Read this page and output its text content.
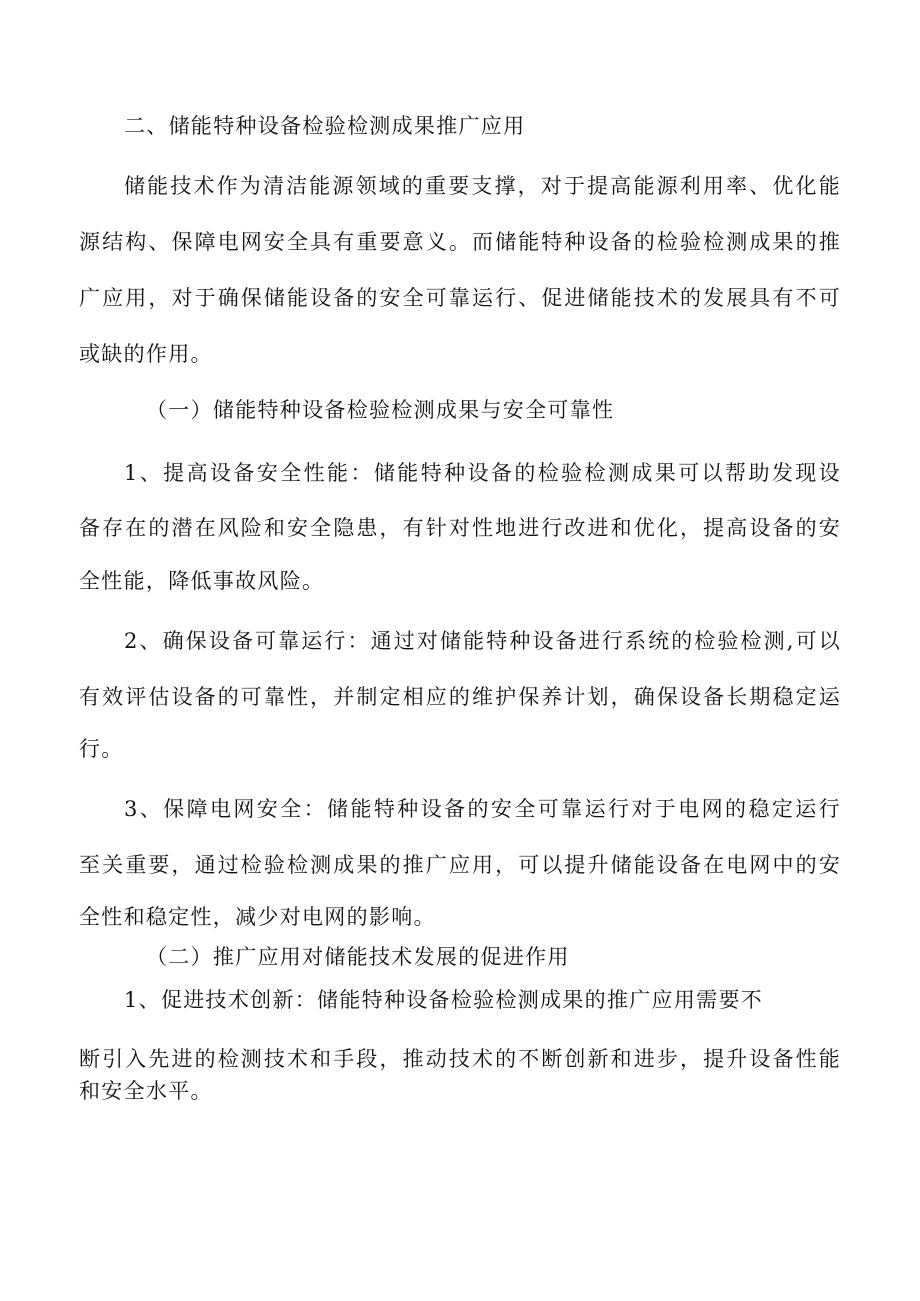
二、储能特种设备检验检测成果推广应用
储能技术作为清洁能源领域的重要支撑，对于提高能源利用率、优化能
源结构、保障电网安全具有重要意义。而储能特种设备的检验检测成果的推
广应用，对于确保储能设备的安全可靠运行、促进储能技术的发展具有不可
或缺的作用。
（一）储能特种设备检验检测成果与安全可靠性
1、提高设备安全性能：储能特种设备的检验检测成果可以帮助发现设
备存在的潜在风险和安全隐患，有针对性地进行改进和优化，提高设备的安
全性能，降低事故风险。
2、确保设备可靠运行：通过对储能特种设备进行系统的检验检测,可以
有效评估设备的可靠性，并制定相应的维护保养计划，确保设备长期稳定运
行。
3、保障电网安全：储能特种设备的安全可靠运行对于电网的稳定运行
至关重要，通过检验检测成果的推广应用，可以提升储能设备在电网中的安
全性和稳定性，减少对电网的影响。
（二）推广应用对储能技术发展的促进作用
1、促进技术创新：储能特种设备检验检测成果的推广应用需要不
断引入先进的检测技术和手段，推动技术的不断创新和进步，提升设备性能
和安全水平。
